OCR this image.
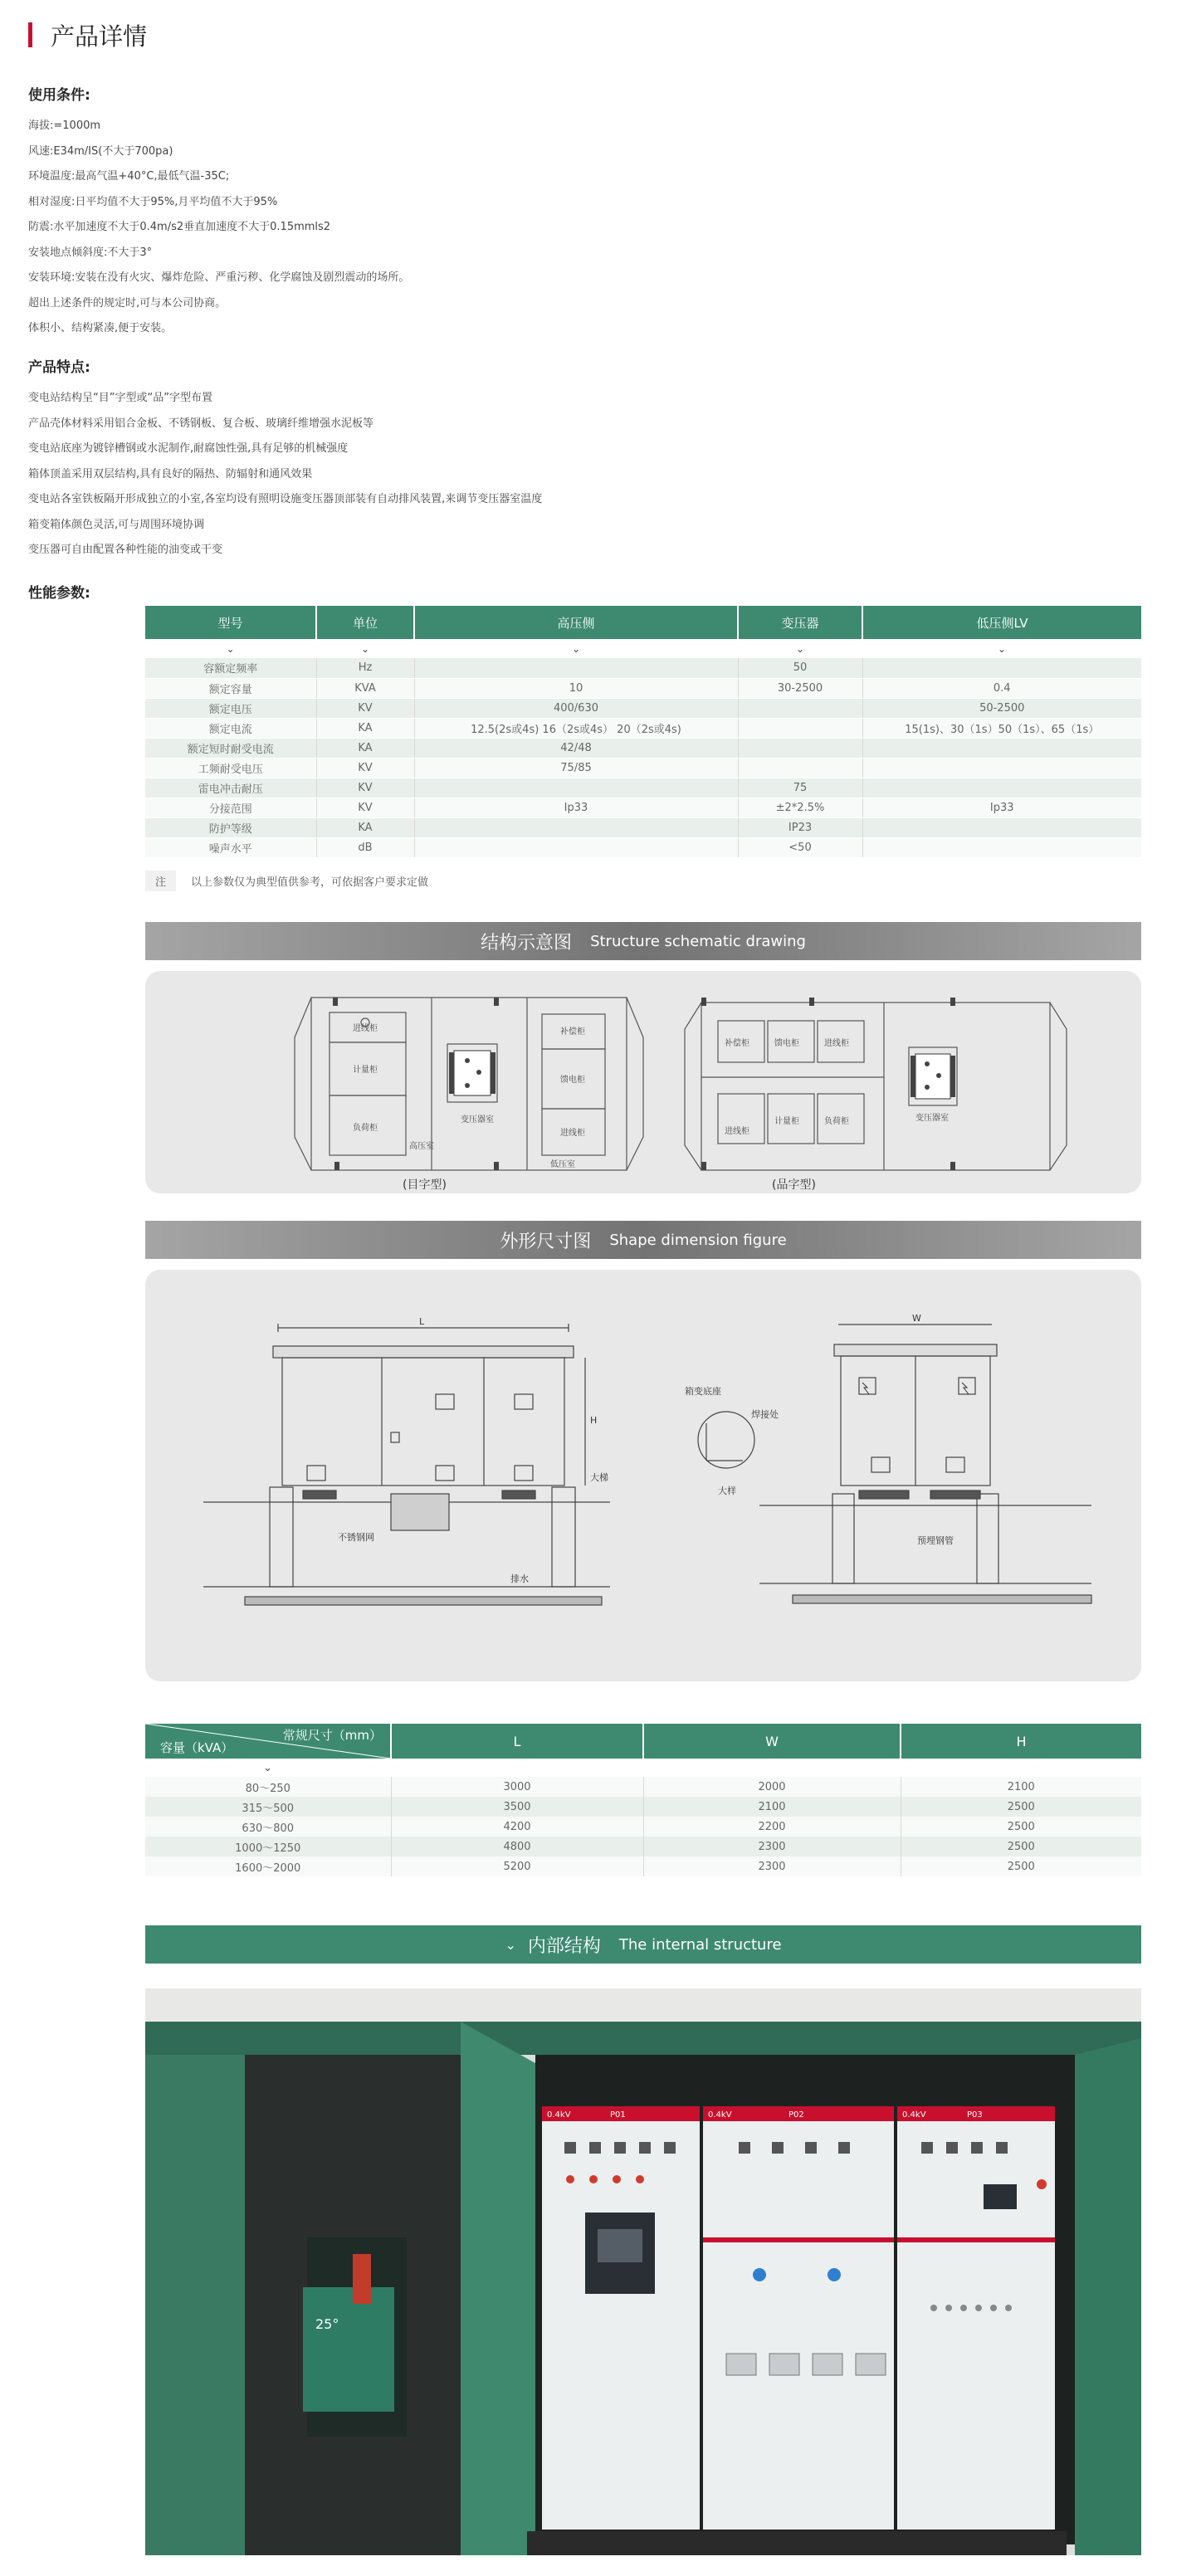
产品详情
使用条件:
海拔:=1000m
风速:E34m/IS(不大于700pa)
环境温度:最高气温+40°C,最低气温-35C;
相对湿度:日平均值不大于95%,月平均值不大于95%
防震:水平加速度不大于0.4m/s2垂直加速度不大于0.15mmls2
安装地点倾斜度:不大于3°
安装环境:安装在没有火灾、爆炸危险、严重污秽、化学腐蚀及剧烈震动的场所。
超出上述条件的规定时,可与本公司协商。
体积小、结构紧凑,便于安装。
产品特点:
变电站结构呈“目”字型或“品”字型布置
产品壳体材料采用铝合金板、不锈钢板、复合板、玻璃纤维增强水泥板等
变电站底座为镀锌槽钢或水泥制作,耐腐蚀性强,具有足够的机械强度
箱体顶盖采用双层结构,具有良好的隔热、防辐射和通风效果
变电站各室铁板隔开形成独立的小室,各室均设有照明设施变压器顶部装有自动排风装置,来调节变压器室温度
箱变箱体颜色灵活,可与周围环境协调
变压器可自由配置各种性能的油变或干变
性能参数:
型号	单位	高压侧	变压器	低压侧LV
⌄	⌄	⌄	⌄	⌄
容额定频率	Hz		50	
额定容量	KVA	10	30-2500	0.4
额定电压	KV	400/630		50-2500
额定电流	KA	12.5(2s或4s) 16（2s或4s） 20（2s或4s)		15(1s)、30（1s）50（1s）、65（1s）
额定短时耐受电流	KA	42/48		
工频耐受电压	KV	75/85		
雷电冲击耐压	KV		75	
分接范围	KV	Ip33	±2*2.5%	Ip33
防护等级	KA		IP23	
噪声水平	dB		<50	
注	以上参数仅为典型值供参考，可依据客户要求定做
结构示意图 Structure schematic drawing
进线柜
计量柜
负荷柜
高压室
变压器室
补偿柜
馈电柜
进线柜
低压室
补偿柜	馈电柜	进线柜
进线柜
计量柜	负荷柜	变压器室
(目字型)	(品字型)
外形尺寸图 Shape dimension figure
L	W
H
不锈钢网
排水
大梯
箱变底座
焊接处
大样
预埋钢管
常规尺寸（mm）
容量（kVA）	L	W	H
⌄			
80～250	3000	2000	2100
315～500	3500	2100	2500
630～800	4200	2200	2500
1000～1250	4800	2300	2500
1600～2000	5200	2300	2500
⌄ 内部结构 The internal structure
25°
0.4kV	P01	0.4kV	P02	0.4kV	P03
